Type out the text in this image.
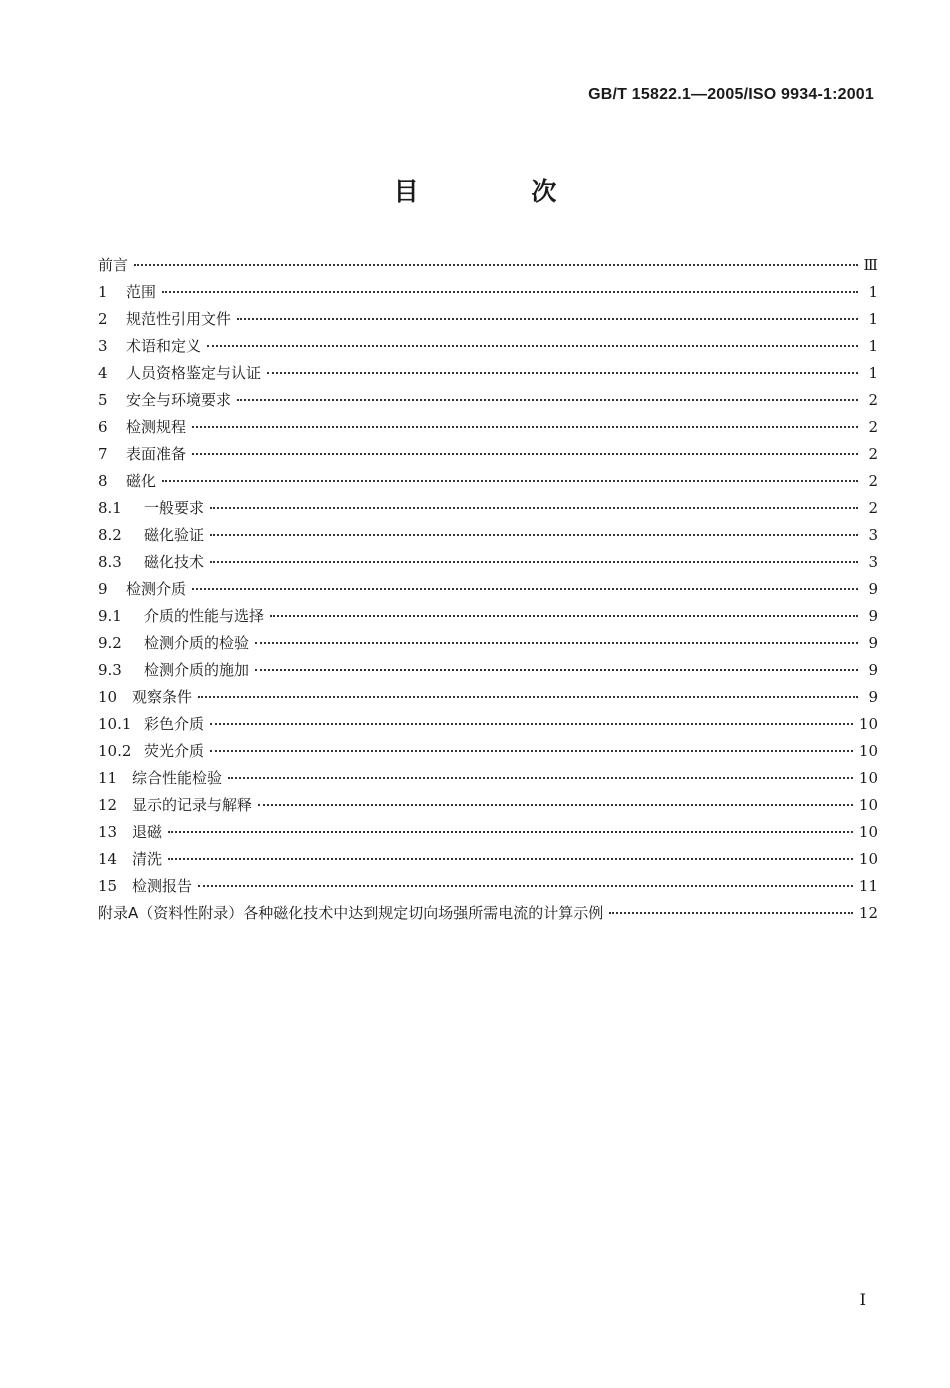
GB/T 15822.1—2005/ISO 9934-1:2001
目 次
前言	Ⅲ
1	范围	1
2	规范性引用文件	1
3	术语和定义	1
4	人员资格鉴定与认证	1
5	安全与环境要求	2
6	检测规程	2
7	表面准备	2
8	磁化	2
8.1	一般要求	2
8.2	磁化验证	3
8.3	磁化技术	3
9	检测介质	9
9.1	介质的性能与选择	9
9.2	检测介质的检验	9
9.3	检测介质的施加	9
10 观察条件	9
10.1 彩色介质	10
10.2 荧光介质	10
11 综合性能检验	10
12 显示的记录与解释	10
13 退磁	10
14 清洗	10
15 检测报告	11
附录A（资料性附录）各种磁化技术中达到规定切向场强所需电流的计算示例	12
I
